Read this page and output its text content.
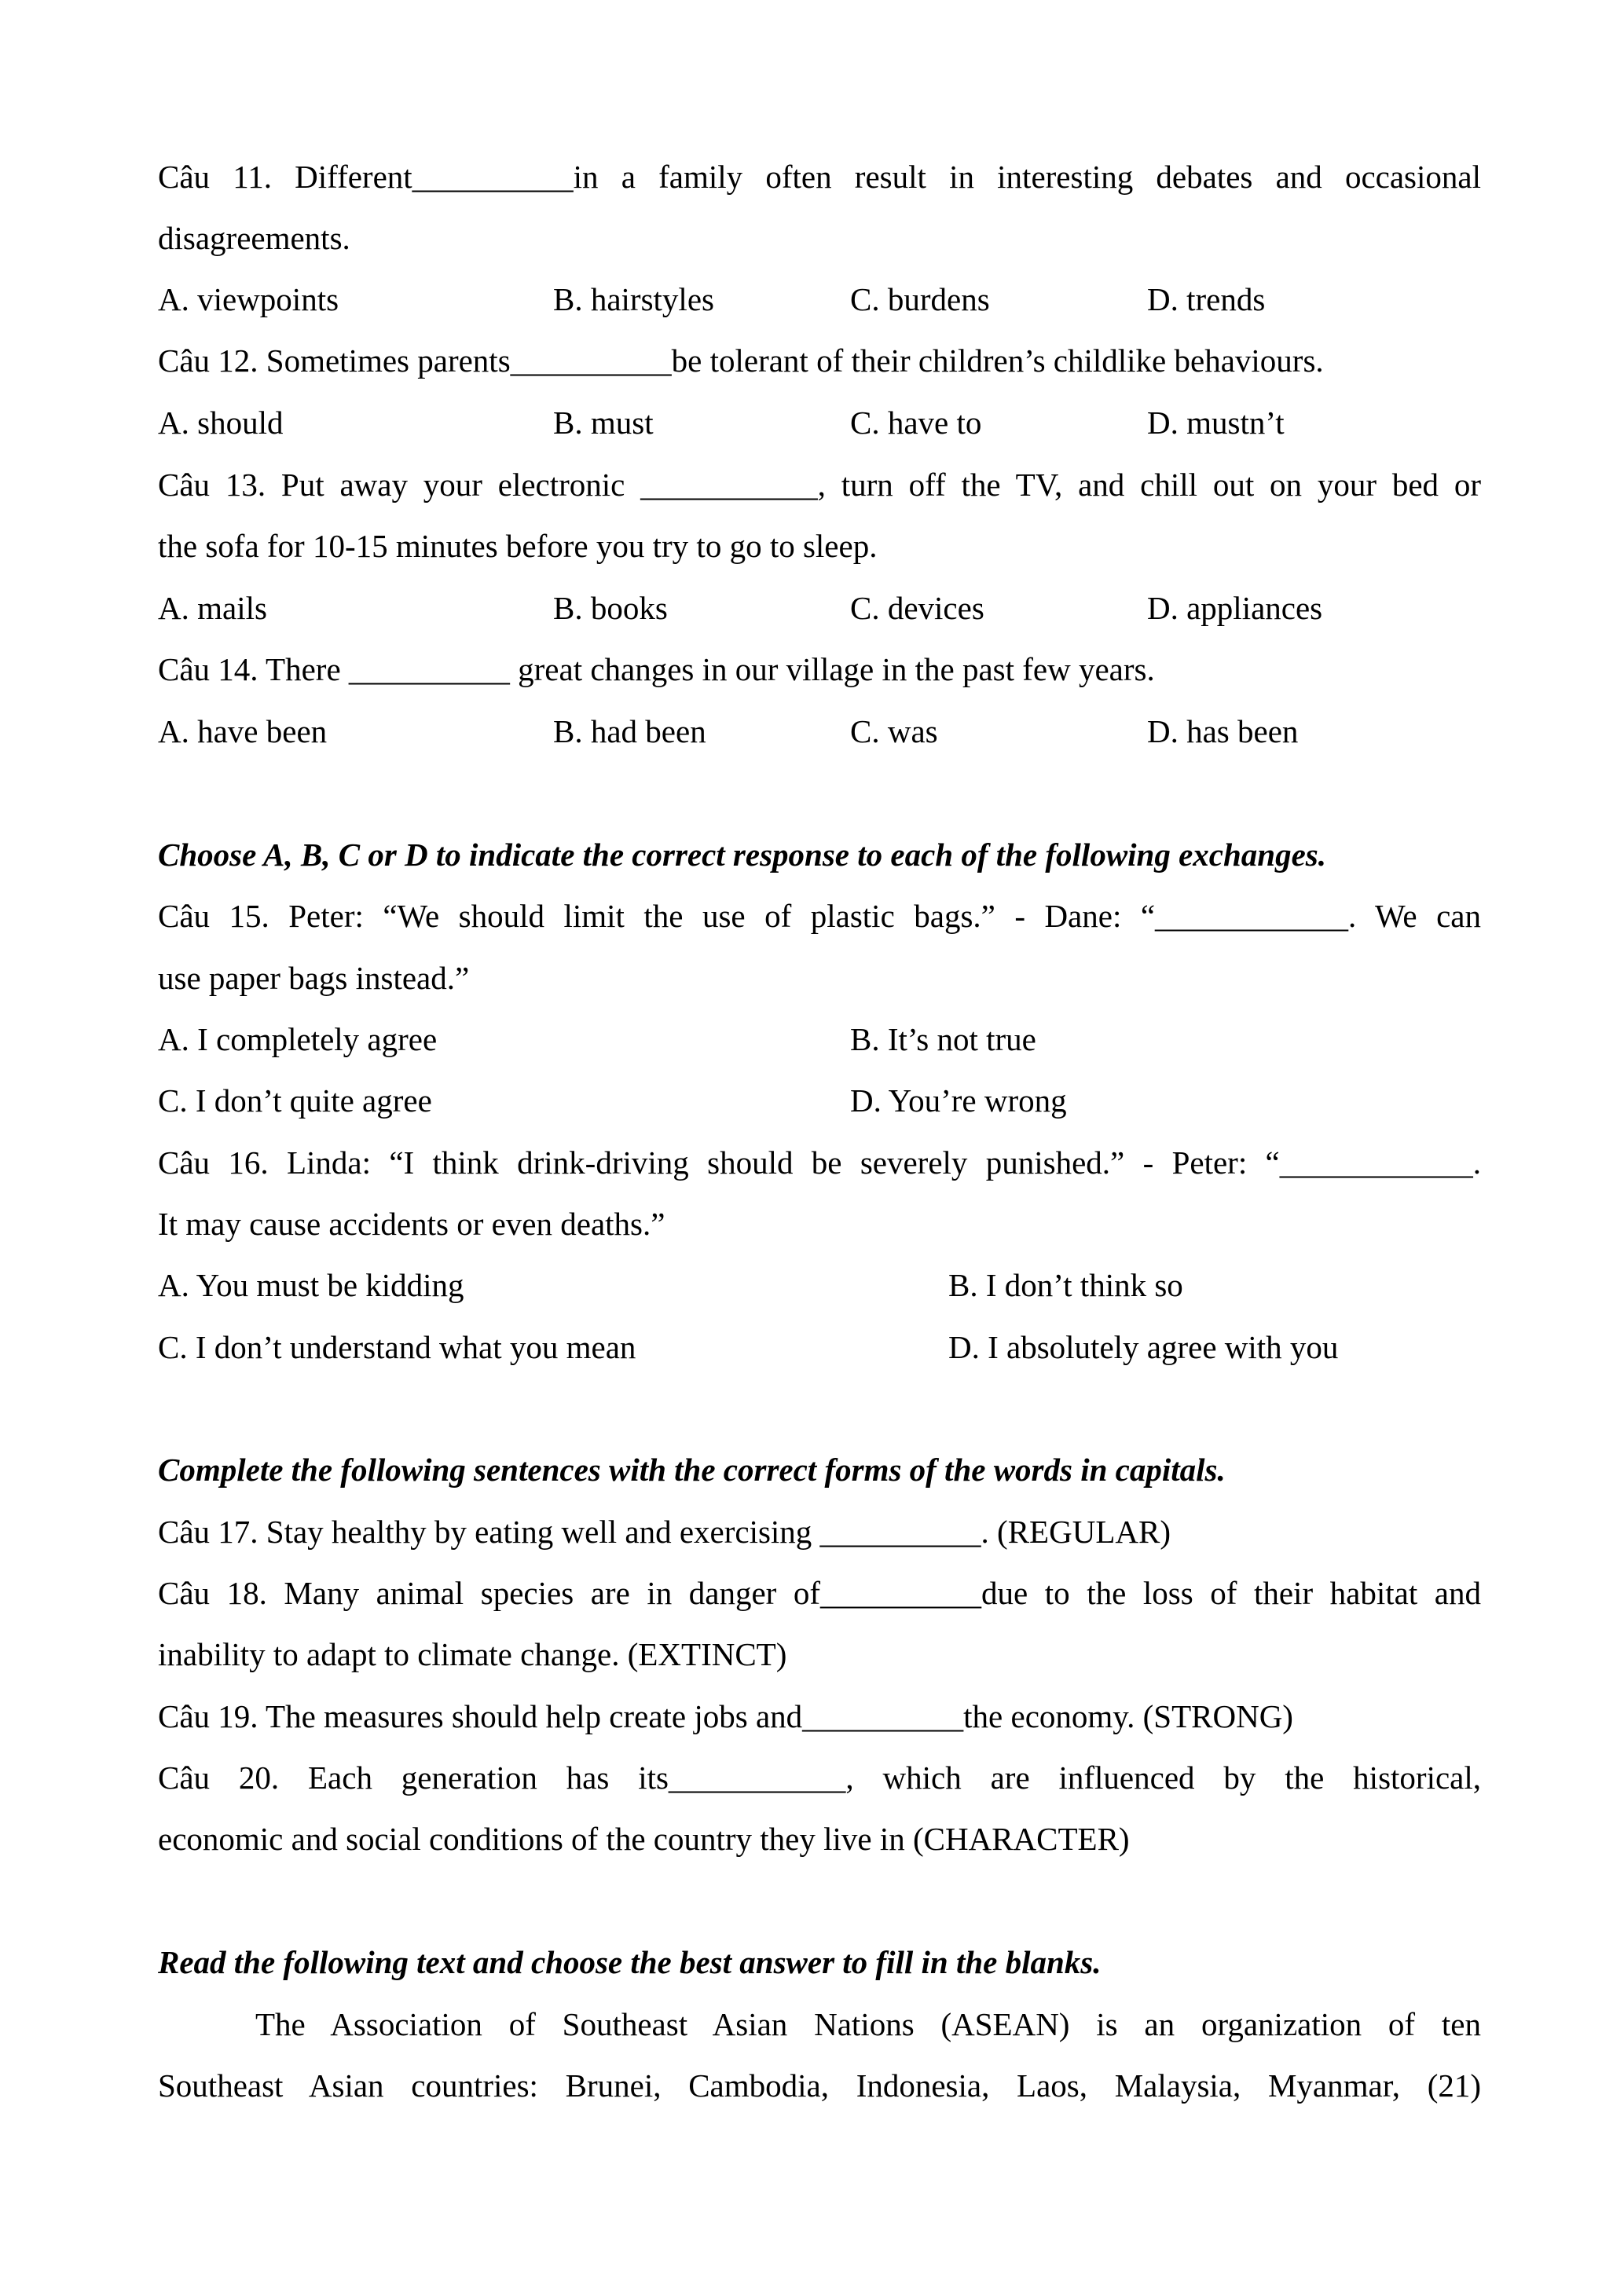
Câu 11. Different__________in a family often result in interesting debates and occasional
disagreements.
A. viewpoints	B. hairstyles	C. burdens	D. trends
Câu 12. Sometimes parents__________be tolerant of their children’s childlike behaviours.
A. should	B. must	C. have to	D. mustn’t
Câu 13. Put away your electronic ___________, turn off the TV, and chill out on your bed or
the sofa for 10-15 minutes before you try to go to sleep.
A. mails	B. books	C. devices	D. appliances
Câu 14. There __________ great changes in our village in the past few years.
A. have been	B. had been	C. was	D. has been
Choose A, B, C or D to indicate the correct response to each of the following exchanges.
Câu 15. Peter: “We should limit the use of plastic bags.” - Dane: “____________. We can
use paper bags instead.”
A. I completely agree	B. It’s not true
C. I don’t quite agree	D. You’re wrong
Câu 16. Linda: “I think drink-driving should be severely punished.” - Peter: “____________.
It may cause accidents or even deaths.”
A. You must be kidding	B. I don’t think so
C. I don’t understand what you mean	D. I absolutely agree with you
Complete the following sentences with the correct forms of the words in capitals.
Câu 17. Stay healthy by eating well and exercising __________. (REGULAR)
Câu 18. Many animal species are in danger of__________due to the loss of their habitat and
inability to adapt to climate change. (EXTINCT)
Câu 19. The measures should help create jobs and__________the economy. (STRONG)
Câu 20. Each generation has its___________, which are influenced by the historical,
economic and social conditions of the country they live in (CHARACTER)
Read the following text and choose the best answer to fill in the blanks.
The Association of Southeast Asian Nations (ASEAN) is an organization of ten
Southeast Asian countries: Brunei, Cambodia, Indonesia, Laos, Malaysia, Myanmar, (21)
